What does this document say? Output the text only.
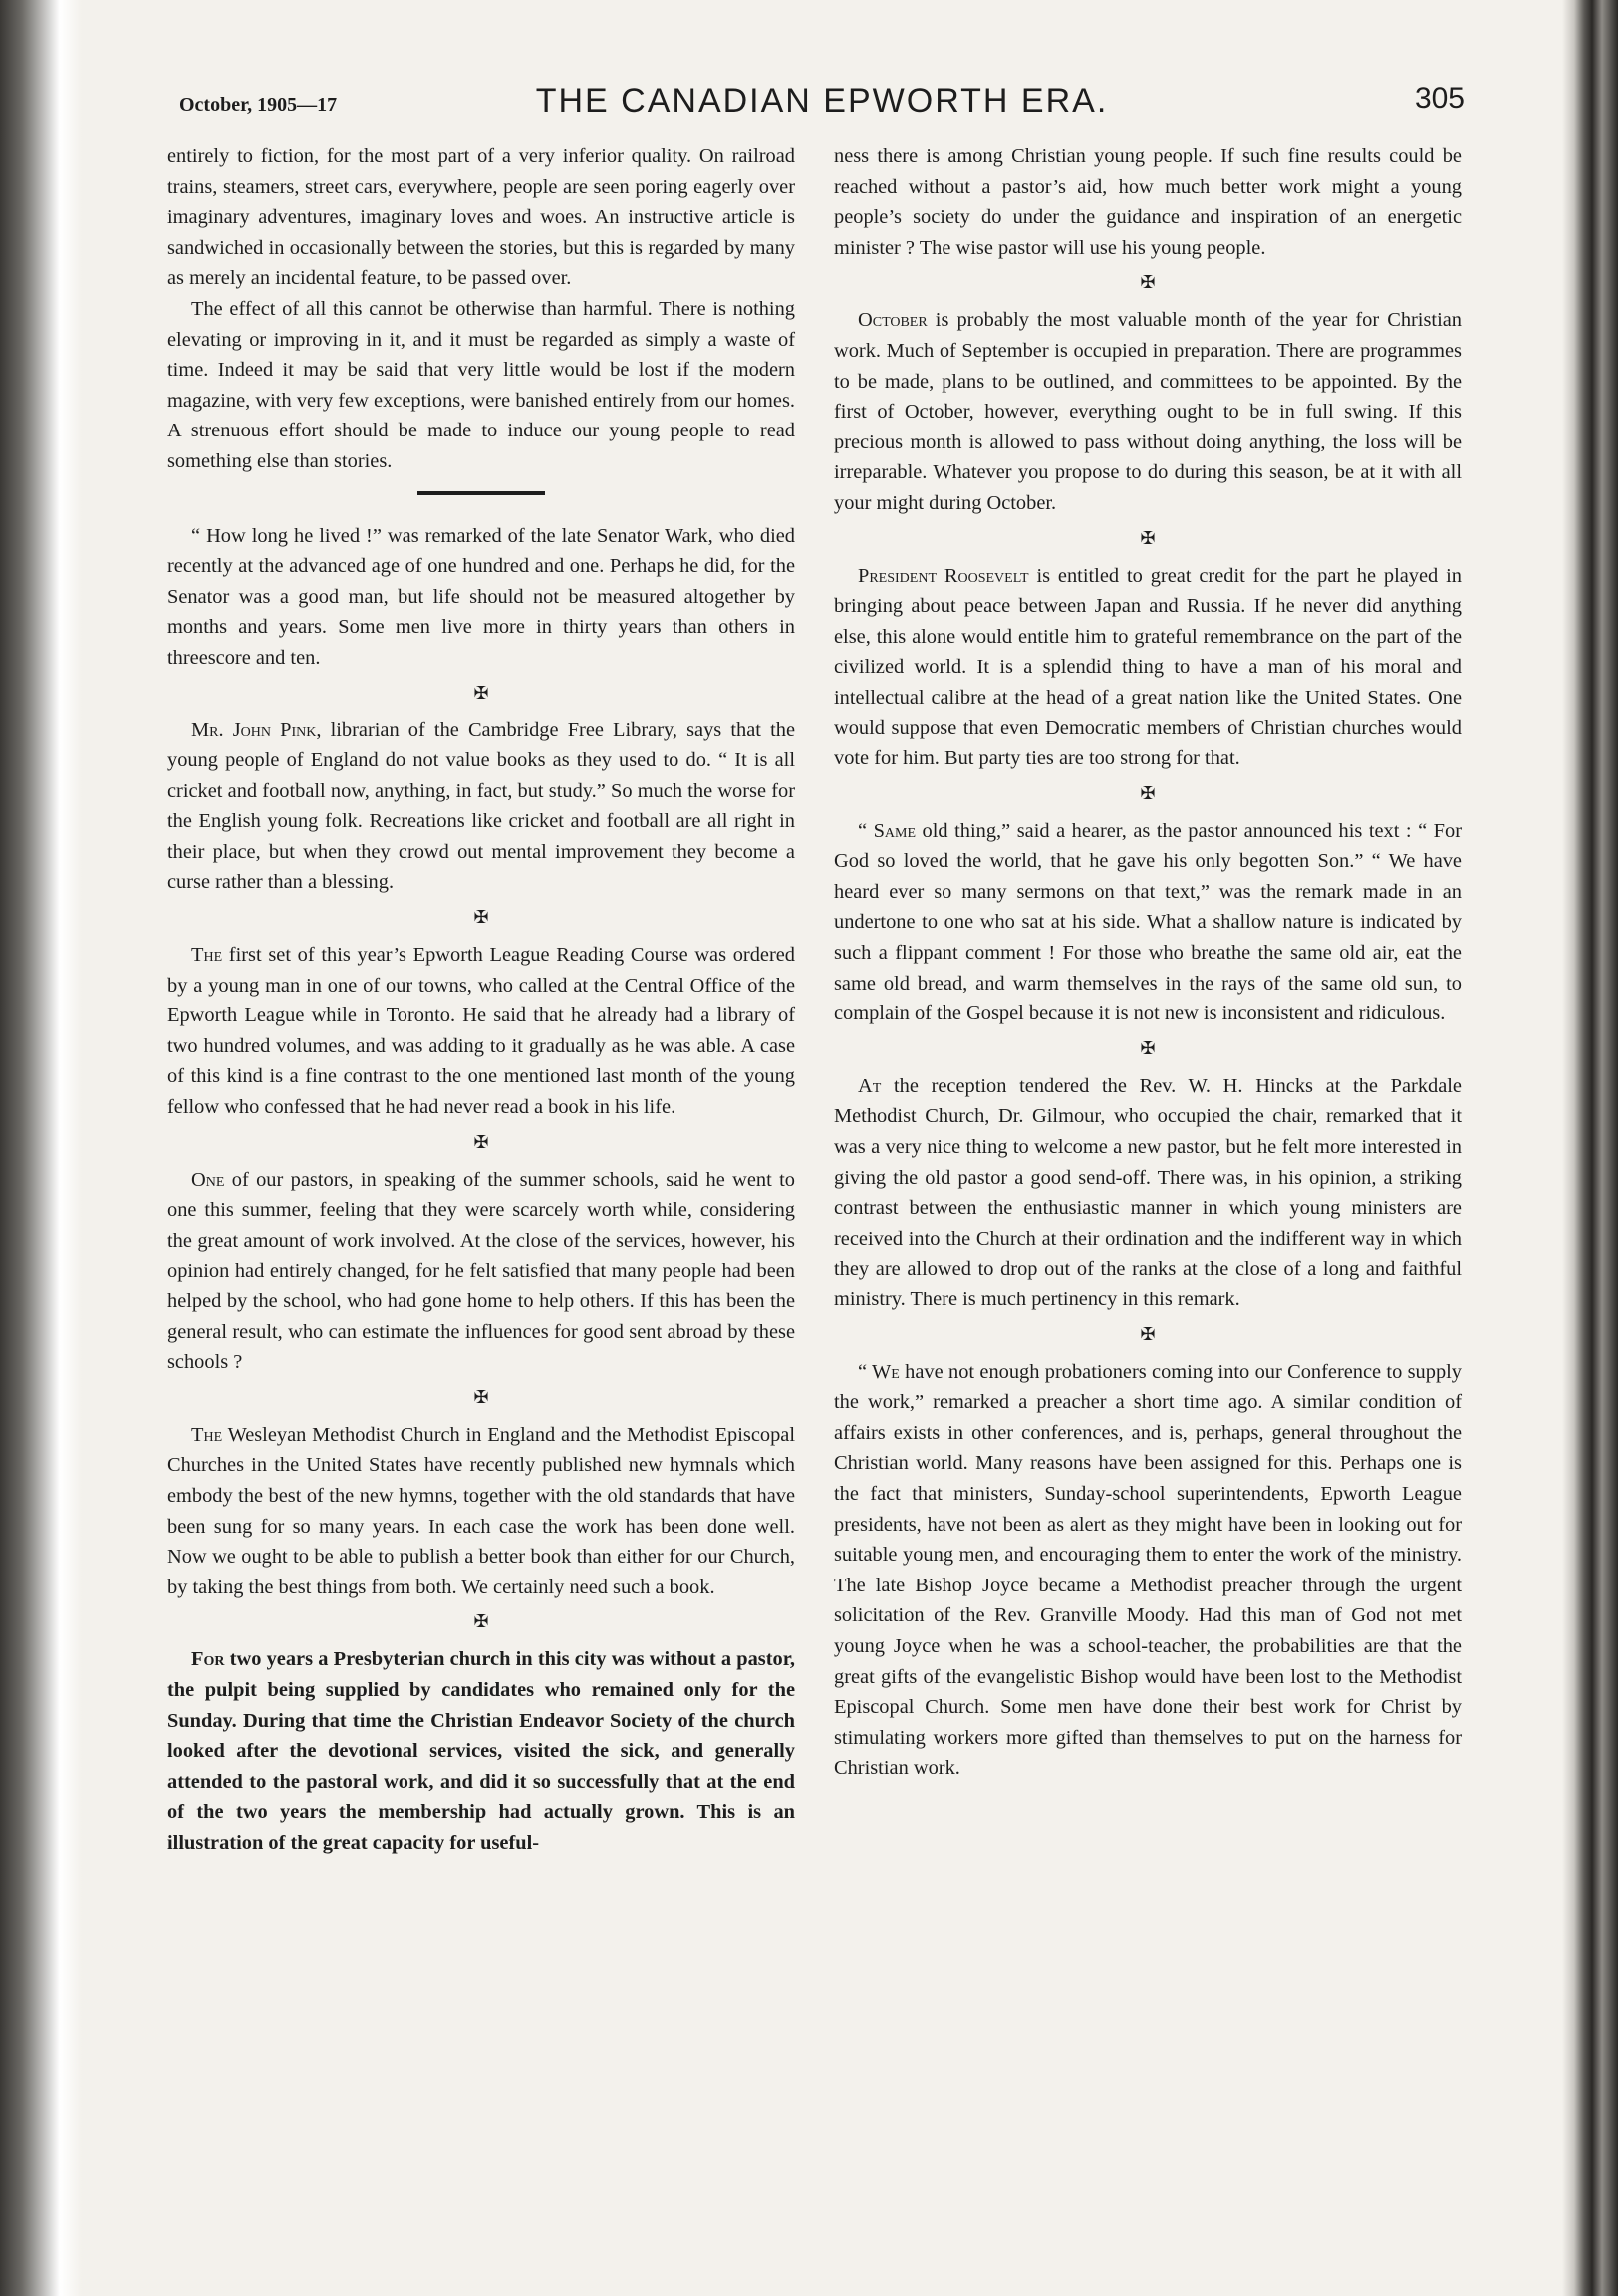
October, 1905—17	THE CANADIAN EPWORTH ERA.	305

entirely to fiction, for the most part of a very inferior quality. On railroad trains, steamers, street cars, everywhere, people are seen poring eagerly over imaginary adventures, imaginary loves and woes. An instructive article is sandwiched in occasionally between the stories, but this is regarded by many as merely an incidental feature, to be passed over.

The effect of all this cannot be otherwise than harmful. There is nothing elevating or improving in it, and it must be regarded as simply a waste of time. Indeed it may be said that very little would be lost if the modern magazine, with very few exceptions, were banished entirely from our homes. A strenuous effort should be made to induce our young people to read something else than stories.

“ How long he lived !” was remarked of the late Senator Wark, who died recently at the advanced age of one hundred and one. Perhaps he did, for the Senator was a good man, but life should not be measured altogether by months and years. Some men live more in thirty years than others in threescore and ten.

✠

Mr. John Pink, librarian of the Cambridge Free Library, says that the young people of England do not value books as they used to do. “ It is all cricket and football now, anything, in fact, but study.” So much the worse for the English young folk. Recreations like cricket and football are all right in their place, but when they crowd out mental improvement they become a curse rather than a blessing.

✠

The first set of this year’s Epworth League Reading Course was ordered by a young man in one of our towns, who called at the Central Office of the Epworth League while in Toronto. He said that he already had a library of two hundred volumes, and was adding to it gradually as he was able. A case of this kind is a fine contrast to the one mentioned last month of the young fellow who confessed that he had never read a book in his life.

✠

One of our pastors, in speaking of the summer schools, said he went to one this summer, feeling that they were scarcely worth while, considering the great amount of work involved. At the close of the services, however, his opinion had entirely changed, for he felt satisfied that many people had been helped by the school, who had gone home to help others. If this has been the general result, who can estimate the influences for good sent abroad by these schools ?

✠

The Wesleyan Methodist Church in England and the Methodist Episcopal Churches in the United States have recently published new hymnals which embody the best of the new hymns, together with the old standards that have been sung for so many years. In each case the work has been done well. Now we ought to be able to publish a better book than either for our Church, by taking the best things from both. We certainly need such a book.

✠

For two years a Presbyterian church in this city was without a pastor, the pulpit being supplied by candidates who remained only for the Sunday. During that time the Christian Endeavor Society of the church looked after the devotional services, visited the sick, and generally attended to the pastoral work, and did it so successfully that at the end of the two years the membership had actually grown. This is an illustration of the great capacity for useful-

ness there is among Christian young people. If such fine results could be reached without a pastor’s aid, how much better work might a young people’s society do under the guidance and inspiration of an energetic minister ? The wise pastor will use his young people.

✠

October is probably the most valuable month of the year for Christian work. Much of September is occupied in preparation. There are programmes to be made, plans to be outlined, and committees to be appointed. By the first of October, however, everything ought to be in full swing. If this precious month is allowed to pass without doing anything, the loss will be irreparable. Whatever you propose to do during this season, be at it with all your might during October.

✠

President Roosevelt is entitled to great credit for the part he played in bringing about peace between Japan and Russia. If he never did anything else, this alone would entitle him to grateful remembrance on the part of the civilized world. It is a splendid thing to have a man of his moral and intellectual calibre at the head of a great nation like the United States. One would suppose that even Democratic members of Christian churches would vote for him. But party ties are too strong for that.

✠

“ Same old thing,” said a hearer, as the pastor announced his text : “ For God so loved the world, that he gave his only begotten Son.” “ We have heard ever so many sermons on that text,” was the remark made in an undertone to one who sat at his side. What a shallow nature is indicated by such a flippant comment ! For those who breathe the same old air, eat the same old bread, and warm themselves in the rays of the same old sun, to complain of the Gospel because it is not new is inconsistent and ridiculous.

✠

At the reception tendered the Rev. W. H. Hincks at the Parkdale Methodist Church, Dr. Gilmour, who occupied the chair, remarked that it was a very nice thing to welcome a new pastor, but he felt more interested in giving the old pastor a good send-off. There was, in his opinion, a striking contrast between the enthusiastic manner in which young ministers are received into the Church at their ordination and the indifferent way in which they are allowed to drop out of the ranks at the close of a long and faithful ministry. There is much pertinency in this remark.

✠

“ We have not enough probationers coming into our Conference to supply the work,” remarked a preacher a short time ago. A similar condition of affairs exists in other conferences, and is, perhaps, general throughout the Christian world. Many reasons have been assigned for this. Perhaps one is the fact that ministers, Sunday-school superintendents, Epworth League presidents, have not been as alert as they might have been in looking out for suitable young men, and encouraging them to enter the work of the ministry. The late Bishop Joyce became a Methodist preacher through the urgent solicitation of the Rev. Granville Moody. Had this man of God not met young Joyce when he was a school-teacher, the probabilities are that the great gifts of the evangelistic Bishop would have been lost to the Methodist Episcopal Church. Some men have done their best work for Christ by stimulating workers more gifted than themselves to put on the harness for Christian work.
